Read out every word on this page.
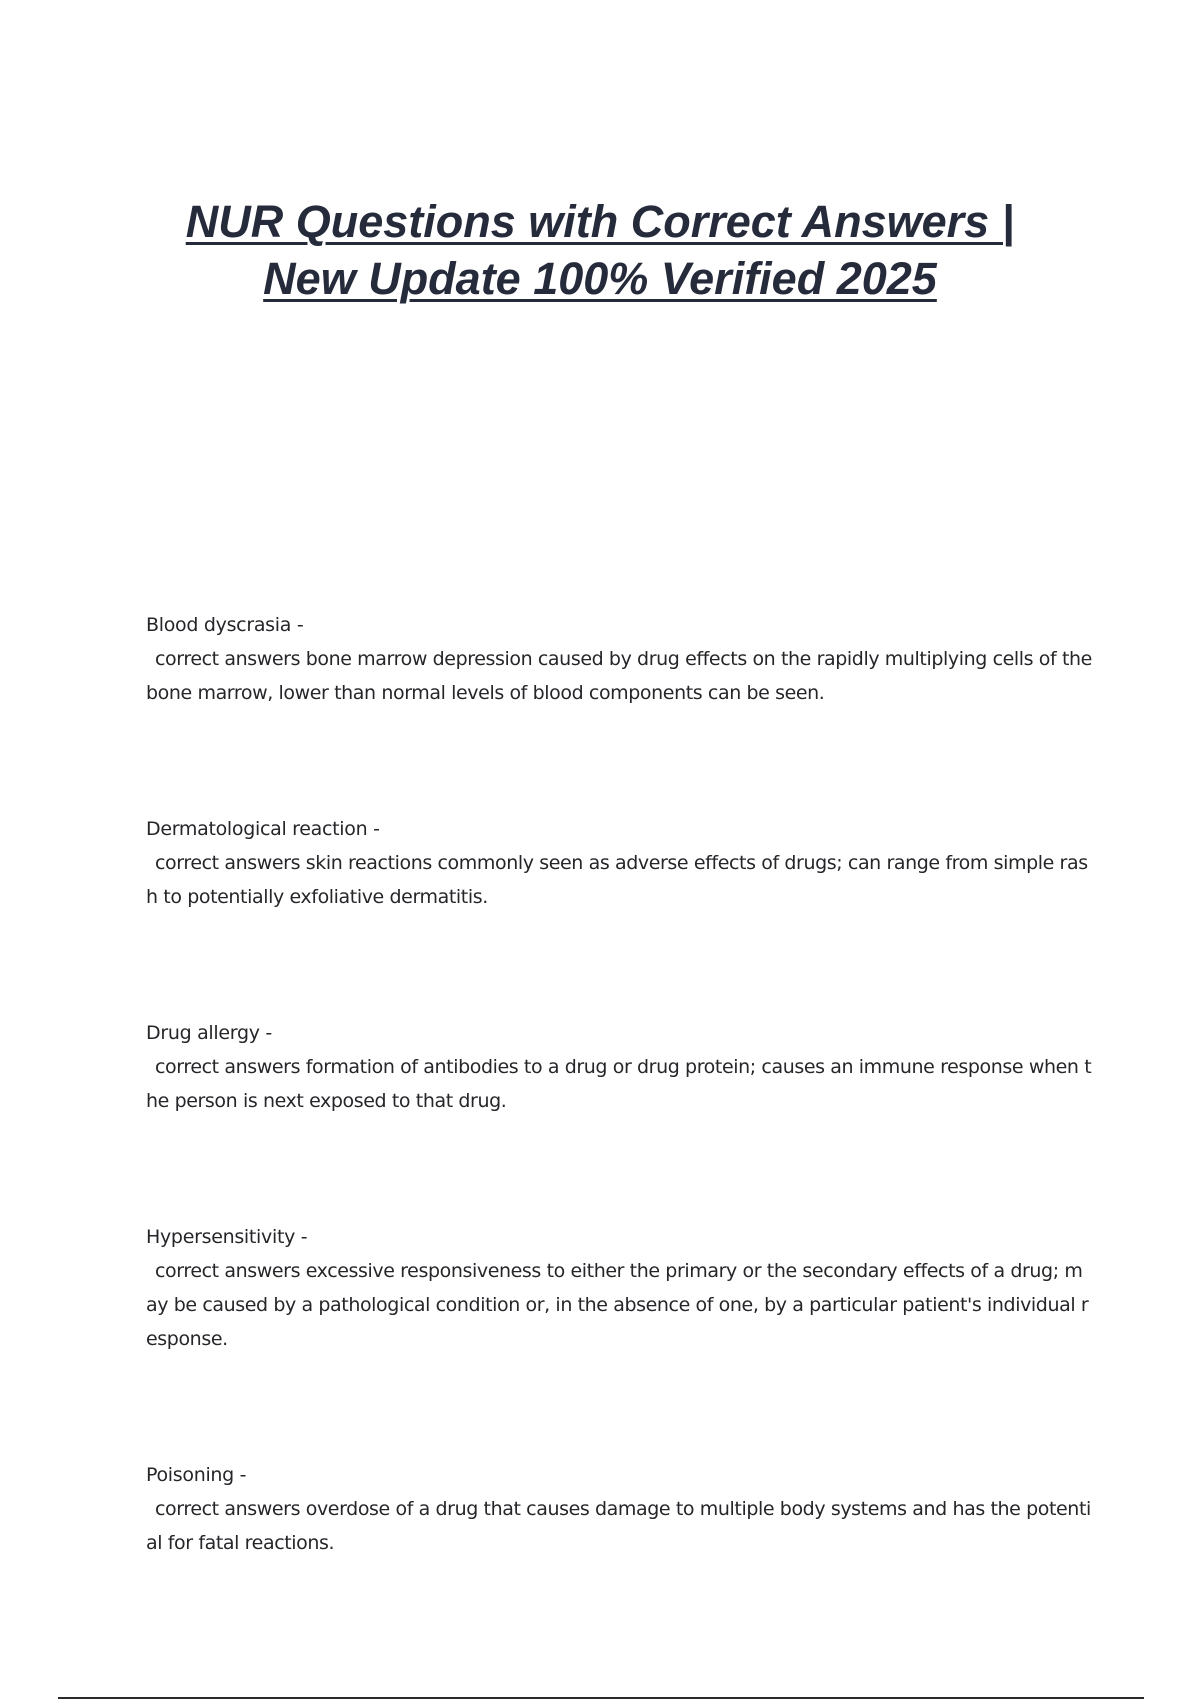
NUR Questions with Correct Answers |
New Update 100% Verified 2025
Blood dyscrasia -
correct answers bone marrow depression caused by drug effects on the rapidly multiplying cells of the bone marrow, lower than normal levels of blood components can be seen.
Dermatological reaction -
correct answers skin reactions commonly seen as adverse effects of drugs; can range from simple rash to potentially exfoliative dermatitis.
Drug allergy -
correct answers formation of antibodies to a drug or drug protein; causes an immune response when the person is next exposed to that drug.
Hypersensitivity -
correct answers excessive responsiveness to either the primary or the secondary effects of a drug; may be caused by a pathological condition or, in the absence of one, by a particular patient's individual response.
Poisoning -
correct answers overdose of a drug that causes damage to multiple body systems and has the potential for fatal reactions.
